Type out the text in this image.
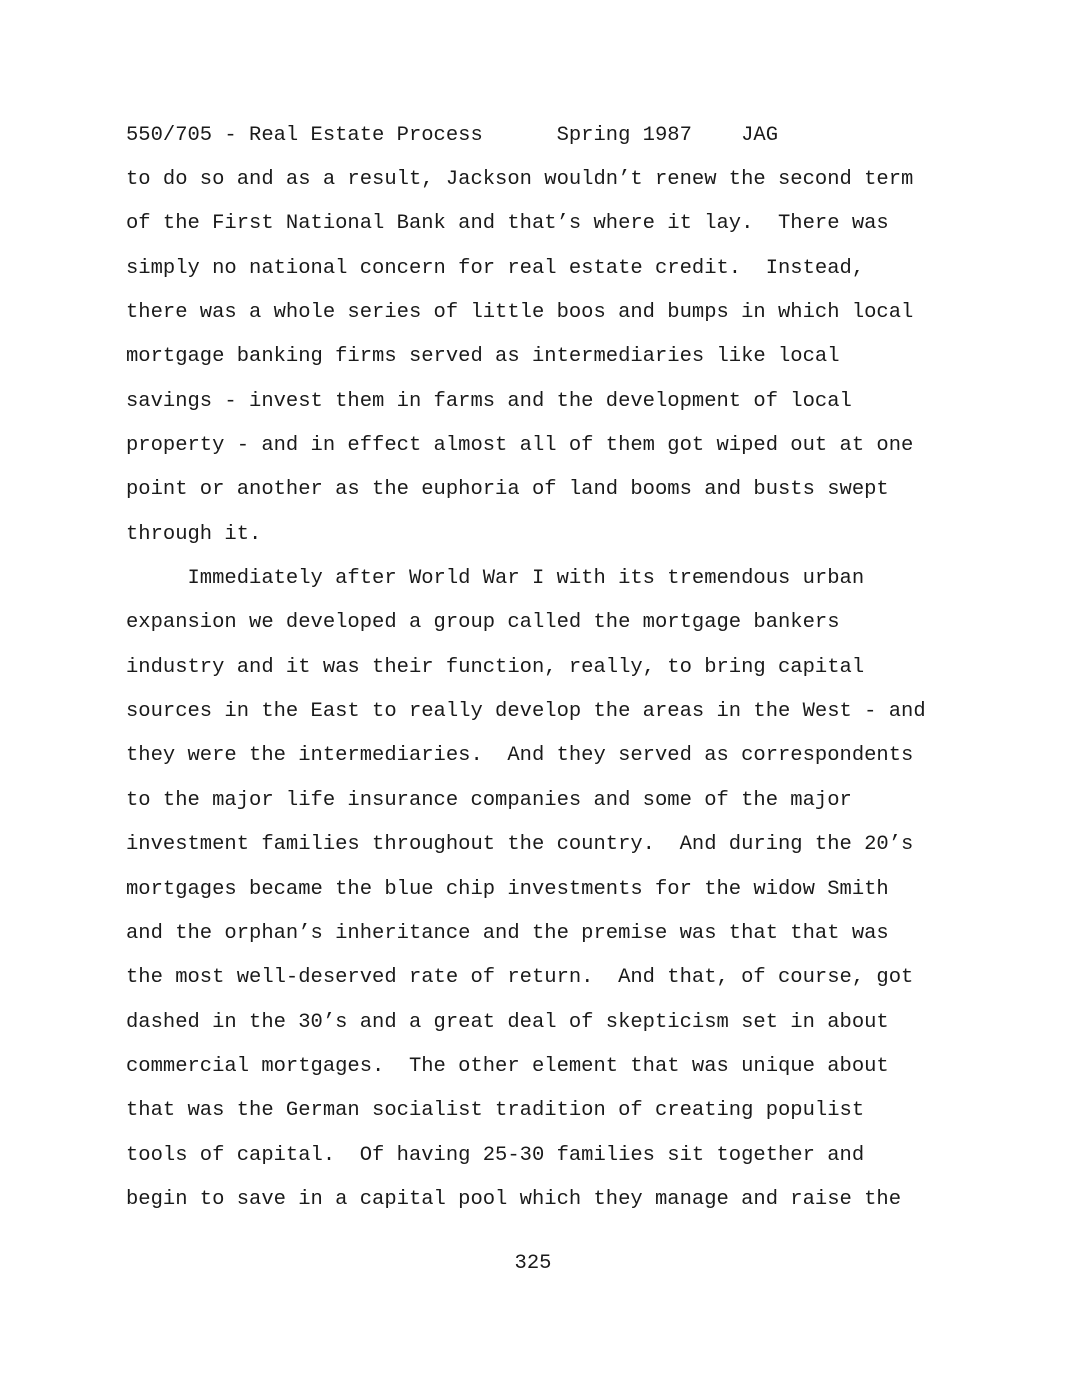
550/705 - Real Estate Process      Spring 1987    JAG
to do so and as a result, Jackson wouldn’t renew the second term
of the First National Bank and that’s where it lay.  There was
simply no national concern for real estate credit.  Instead,
there was a whole series of little boos and bumps in which local
mortgage banking firms served as intermediaries like local
savings - invest them in farms and the development of local
property - and in effect almost all of them got wiped out at one
point or another as the euphoria of land booms and busts swept
through it.
Immediately after World War I with its tremendous urban
expansion we developed a group called the mortgage bankers
industry and it was their function, really, to bring capital
sources in the East to really develop the areas in the West - and
they were the intermediaries.  And they served as correspondents
to the major life insurance companies and some of the major
investment families throughout the country.  And during the 20’s
mortgages became the blue chip investments for the widow Smith
and the orphan’s inheritance and the premise was that that was
the most well-deserved rate of return.  And that, of course, got
dashed in the 30’s and a great deal of skepticism set in about
commercial mortgages.  The other element that was unique about
that was the German socialist tradition of creating populist
tools of capital.  Of having 25-30 families sit together and
begin to save in a capital pool which they manage and raise the
325
